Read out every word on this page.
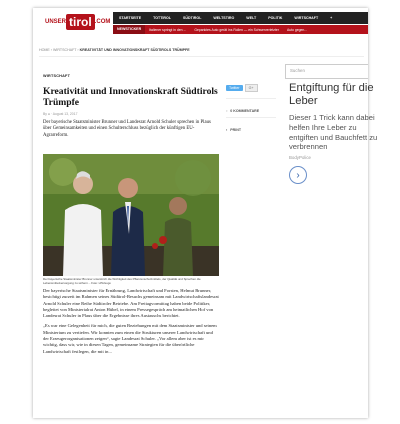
UNSER tirol .COM
STARTSEITE	TOTTIROL	SÜDTIROL	WELTSTIRO	WELT	POLITIK	WIRTSCHAFT	+
NEWSTICKER	Italiener springt in den ...	Gepanktes Auto gerät ins Rollen — ein Schwerverletzter	Auto gegen...
HOME › WIRTSCHAFT › KREATIVITÄT UND INNOVATIONSKRAFT SÜDTIROLS TRÜMPFE
WIRTSCHAFT
Kreativität und Innovationskraft Südtirols Trümpfe
By ● · August 13, 2017

Der bayerische Staatsminister Brunner und Landesrat Arnold Schuler sprechen in Plaus über Gemeinsamkeiten und einen Schulterschluss bezüglich der künftigen EU-Agrarreform.

Der bayerische Staatsminister Brunner unterstrich die Wichtigkeit des Pflanzenschutzmittels, der Qualität und Sprechen die Lebensmittelversorgung zu sichern. - Foto: LPA/sogo

Der bayerische Staatsminister für Ernährung, Landwirtschaft und Forsten, Helmut Brunner, besichtigt zurzeit im Rahmen seines Südtirol-Besuchs gemeinsam mit Landwirtschaftslandesrat Arnold Schuler eine Reihe Südtiroler Betriebe. Am Freitagvormittag haben beide Politiker, begleitet von Ministerialrat Anton Hübel, in einem Pressegespräch am heimatlichen Hof von Landesrat Schuler in Plaus über die Ergebnisse ihres Austauschs berichtet.

„Es war eine Gelegenheit für mich, die guten Beziehungen mit dem Staatsminister und seinem Ministerium zu vertiefen. Wir konnten zum einen die Strukturen unserer Landwirtschaft und der Erzeugerorganisationen zeigen“, sagte Landesrat Schuler. „Vor allem aber ist es mir wichtig, dass wir, wie in diesen Tagen, gemeinsame Strategien für die überörtliche Landwirtschaft festlegen, die mit in...

Twitter	G+
▫ 0 KOMMENTARE
▪ PRINT
Suchen

Entgiftung für die Leber

Dieser 1 Trick kann dabei helfen Ihre Leber zu entgiften und Bauchfett zu verbrennen

BodyPolice
›
